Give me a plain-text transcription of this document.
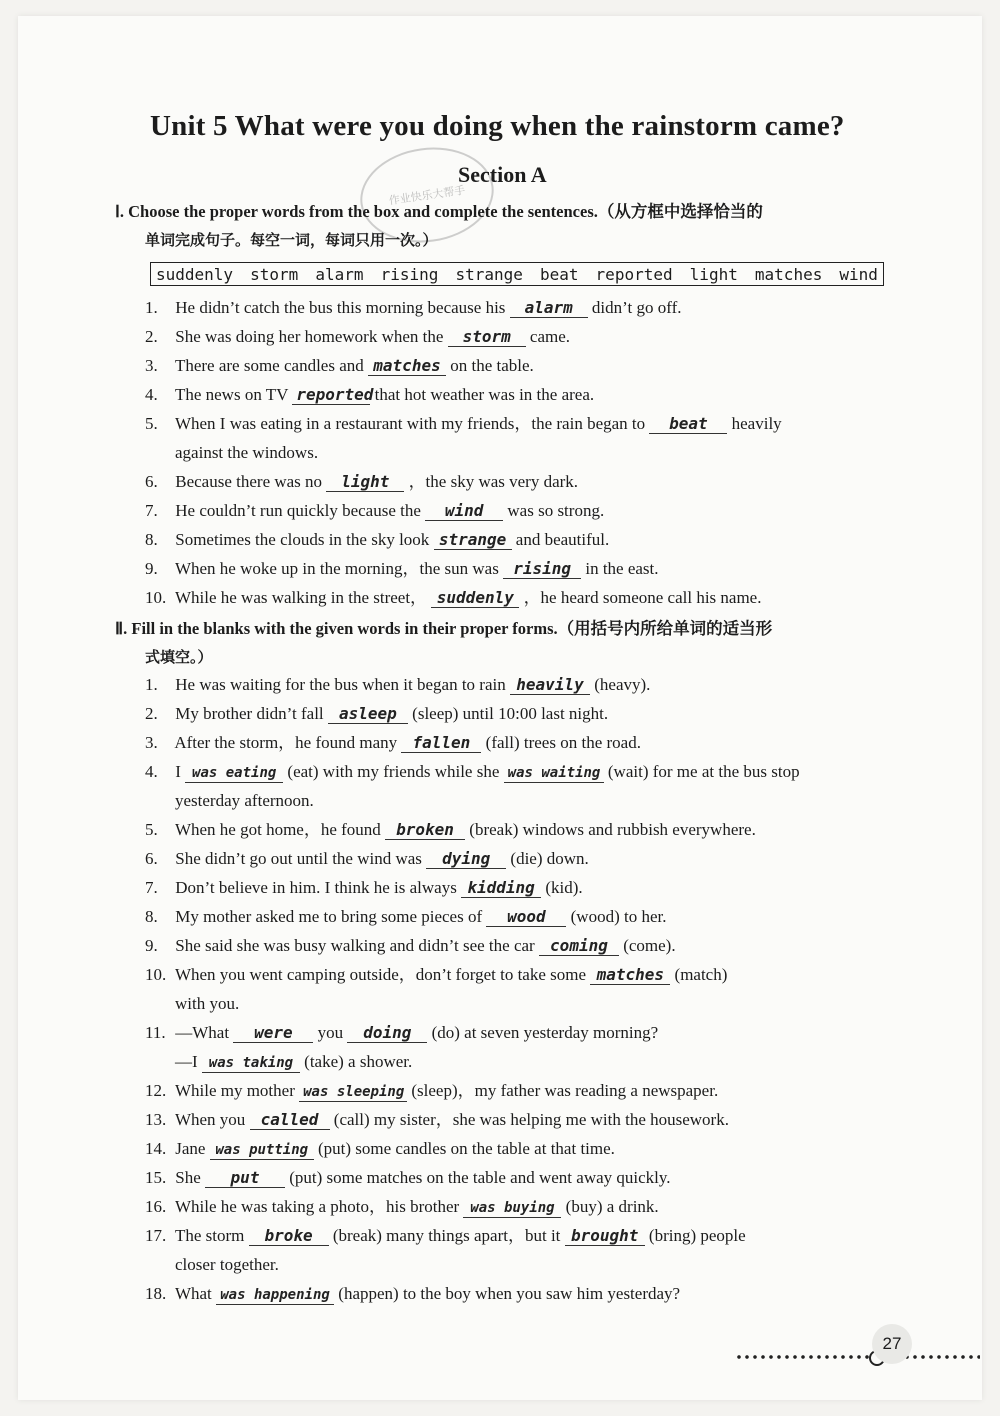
作业快乐大帮手
Unit 5 What were you doing when the rainstorm came?
Section A
Ⅰ. Choose the proper words from the box and complete the sentences.（从方框中选择恰当的
单词完成句子。每空一词，每词只用一次。）
suddenly storm alarm rising strange beat reported light matches wind
1. He didn’t catch the bus this morning because his alarm didn’t go off.
2. She was doing her homework when the storm came.
3. There are some candles and matches on the table.
4. The news on TV reported that hot weather was in the area.
5. When I was eating in a restaurant with my friends，the rain began to beat heavily
against the windows.
6. Because there was no light ，the sky was very dark.
7. He couldn’t run quickly because the wind was so strong.
8. Sometimes the clouds in the sky look strange and beautiful.
9. When he woke up in the morning，the sun was rising in the east.
10. While he was walking in the street， suddenly ，he heard someone call his name.
Ⅱ. Fill in the blanks with the given words in their proper forms.（用括号内所给单词的适当形
式填空。）
1. He was waiting for the bus when it began to rain heavily (heavy).
2. My brother didn’t fall asleep (sleep) until 10:00 last night.
3. After the storm，he found many fallen (fall) trees on the road.
4. I was eating (eat) with my friends while she was waiting (wait) for me at the bus stop
yesterday afternoon.
5. When he got home，he found broken (break) windows and rubbish everywhere.
6. She didn’t go out until the wind was dying (die) down.
7. Don’t believe in him. I think he is always kidding (kid).
8. My mother asked me to bring some pieces of wood (wood) to her.
9. She said she was busy walking and didn’t see the car coming (come).
10. When you went camping outside，don’t forget to take some matches (match)
with you.
11. —What were you doing (do) at seven yesterday morning?
—I was taking (take) a shower.
12. While my mother was sleeping (sleep)，my father was reading a newspaper.
13. When you called (call) my sister，she was helping me with the housework.
14. Jane was putting (put) some candles on the table at that time.
15. She put (put) some matches on the table and went away quickly.
16. While he was taking a photo，his brother was buying (buy) a drink.
17. The storm broke (break) many things apart，but it brought (bring) people
closer together.
18. What was happening (happen) to the boy when you saw him yesterday?
27
